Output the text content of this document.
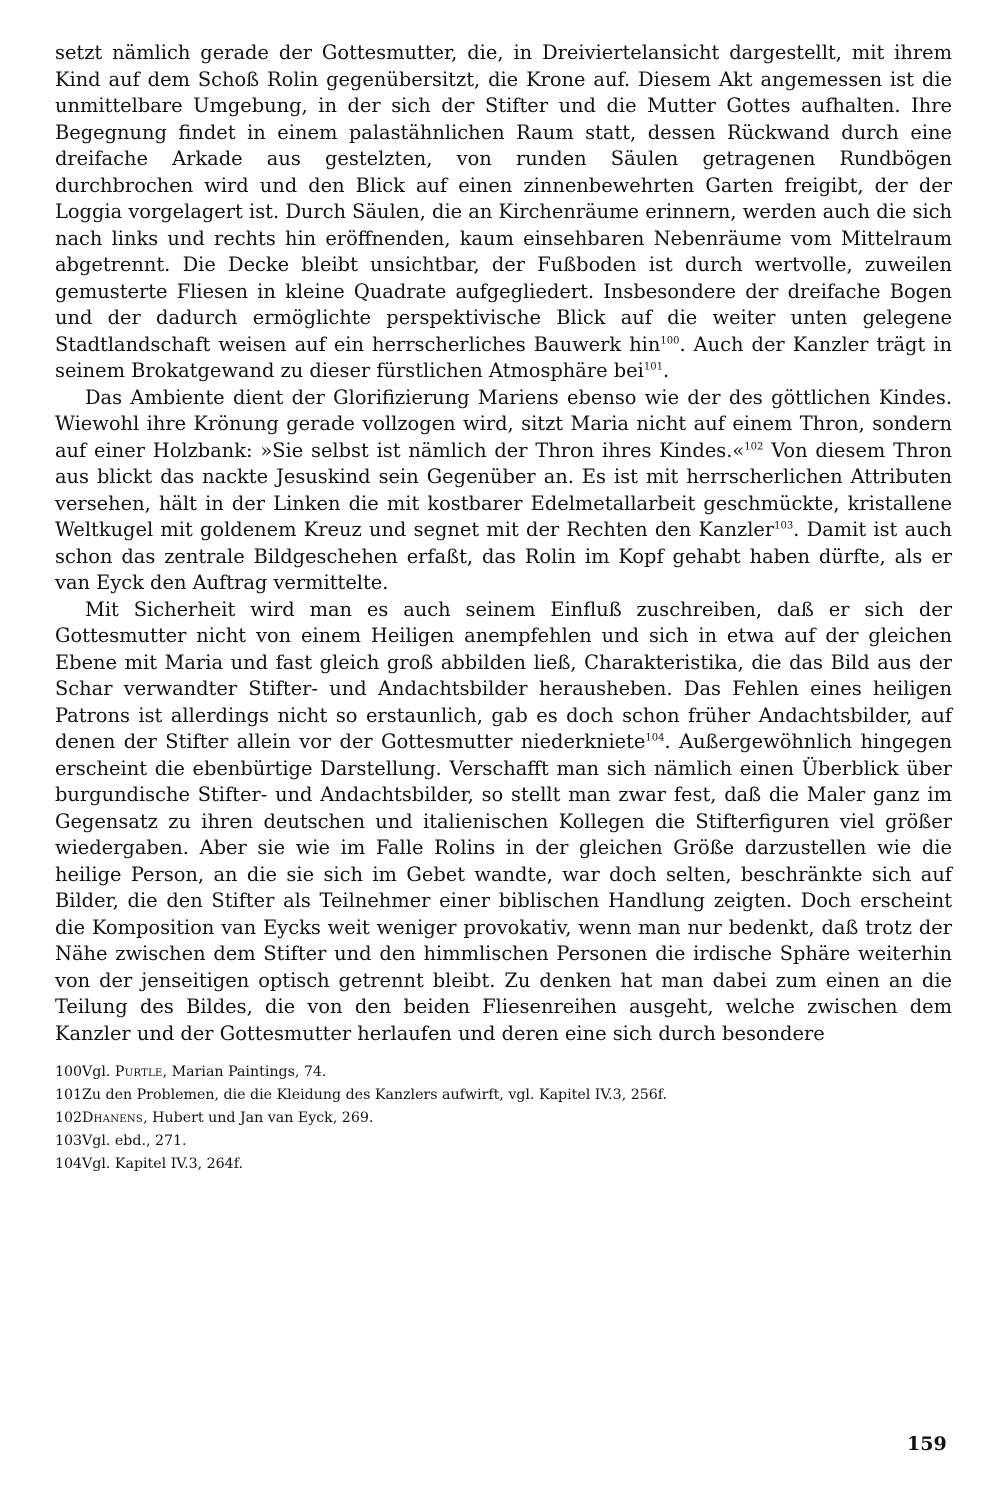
setzt nämlich gerade der Gottesmutter, die, in Dreiviertelansicht dargestellt, mit ihrem Kind auf dem Schoß Rolin gegenübersitzt, die Krone auf. Diesem Akt angemessen ist die unmittelbare Umgebung, in der sich der Stifter und die Mutter Gottes aufhalten. Ihre Begegnung findet in einem palastähnlichen Raum statt, dessen Rückwand durch eine dreifache Arkade aus gestelzten, von runden Säulen getragenen Rundbögen durchbrochen wird und den Blick auf einen zinnenbewehrten Garten freigibt, der der Loggia vorgelagert ist. Durch Säulen, die an Kirchenräume erinnern, werden auch die sich nach links und rechts hin eröffnenden, kaum einsehbaren Nebenräume vom Mittelraum abgetrennt. Die Decke bleibt unsichtbar, der Fußboden ist durch wertvolle, zuweilen gemusterte Fliesen in kleine Quadrate aufgegliedert. Insbesondere der dreifache Bogen und der dadurch ermöglichte perspektivische Blick auf die weiter unten gelegene Stadtlandschaft weisen auf ein herrscherliches Bauwerk hin$^{100}$. Auch der Kanzler trägt in seinem Brokatgewand zu dieser fürstlichen Atmosphäre bei$^{101}$.

Das Ambiente dient der Glorifizierung Mariens ebenso wie der des göttlichen Kindes. Wiewohl ihre Krönung gerade vollzogen wird, sitzt Maria nicht auf einem Thron, sondern auf einer Holzbank: »Sie selbst ist nämlich der Thron ihres Kindes.«$^{102}$ Von diesem Thron aus blickt das nackte Jesuskind sein Gegenüber an. Es ist mit herrscherlichen Attributen versehen, hält in der Linken die mit kostbarer Edelmetallarbeit geschmückte, kristallene Weltkugel mit goldenem Kreuz und segnet mit der Rechten den Kanzler$^{103}$. Damit ist auch schon das zentrale Bildgeschehen erfaßt, das Rolin im Kopf gehabt haben dürfte, als er van Eyck den Auftrag vermittelte.

Mit Sicherheit wird man es auch seinem Einfluß zuschreiben, daß er sich der Gottesmutter nicht von einem Heiligen anempfehlen und sich in etwa auf der gleichen Ebene mit Maria und fast gleich groß abbilden ließ, Charakteristika, die das Bild aus der Schar verwandter Stifter- und Andachtsbilder herausheben. Das Fehlen eines heiligen Patrons ist allerdings nicht so erstaunlich, gab es doch schon früher Andachtsbilder, auf denen der Stifter allein vor der Gottesmutter niederkniete$^{104}$. Außergewöhnlich hingegen erscheint die ebenbürtige Darstellung. Verschafft man sich nämlich einen Überblick über burgundische Stifter- und Andachtsbilder, so stellt man zwar fest, daß die Maler ganz im Gegensatz zu ihren deutschen und italienischen Kollegen die Stifterfiguren viel größer wiedergaben. Aber sie wie im Falle Rolins in der gleichen Größe darzustellen wie die heilige Person, an die sie sich im Gebet wandte, war doch selten, beschränkte sich auf Bilder, die den Stifter als Teilnehmer einer biblischen Handlung zeigten. Doch erscheint die Komposition van Eycks weit weniger provokativ, wenn man nur bedenkt, daß trotz der Nähe zwischen dem Stifter und den himmlischen Personen die irdische Sphäre weiterhin von der jenseitigen optisch getrennt bleibt. Zu denken hat man dabei zum einen an die Teilung des Bildes, die von den beiden Fliesenreihen ausgeht, welche zwischen dem Kanzler und der Gottesmutter herlaufen und deren eine sich durch besondere

100Vgl. Purtle, Marian Paintings, 74.
101Zu den Problemen, die die Kleidung des Kanzlers aufwirft, vgl. Kapitel IV.3, 256f.
102Dhanens, Hubert und Jan van Eyck, 269.
103Vgl. ebd., 271.
104Vgl. Kapitel IV.3, 264f.
159
